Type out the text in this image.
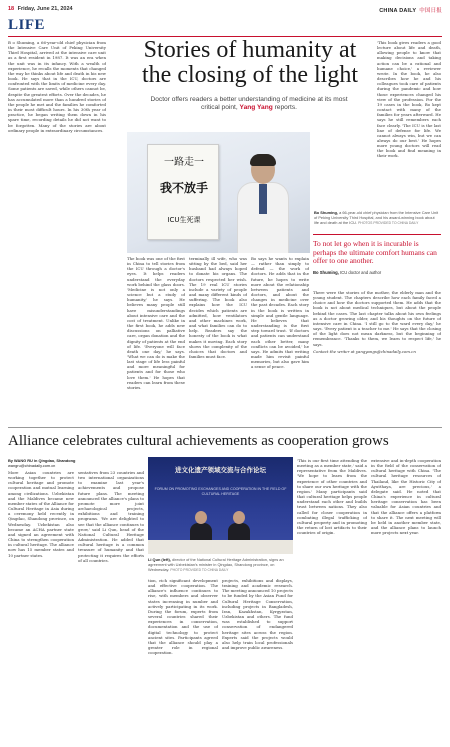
18 Friday, June 21, 2024	CHINA DAILY 中国日报
LIFE

B o Shuming, a 66-year-old chief physician from the Intensive Care Unit of Peking University Third Hospital, arrived at the intensive care unit as a first resident in 1987. It was an era when the unit was in its infancy. With a wealth of experience, he recalls the moments that changed the way he thinks about life and death in his new book. He says that in the ICU, doctors are confronted with the limits of medicine every day. Some patients are saved, while others cannot be, despite the greatest efforts. Over the decades, he has accumulated more than a hundred stories of the people he met and the families he comforted in their most difficult hours. In his 30th year of practice, he began writing them down in his spare time, recording details he did not want to be forgotten. Many of the stories are about ordinary people in extraordinary circumstances.

Stories of humanity at the closing of the light
Doctor offers readers a better understanding of medicine at its most critical point, Yang Yang reports.
一路走一
我不放手
ICU生死课

The book was one of the first in China to tell stories from the ICU through a doctor's eyes. It helps readers understand the everyday work behind the glass doors. 'Medicine is not only a science but a study of humanity,' he says. He believes many people still have misunderstandings about intensive care and the cost of treatment. Unlike in the first book, he adds new discussions on palliative care, organ donation and the dignity of patients at the end of life. 'Everyone will face death one day,' he says. 'What we can do is make the last stage of life less painful and more meaningful for patients and for those who love them.' He hopes that readers can learn from these stories.

terminally ill wife, who was sitting by the bed, said her husband had always hoped to donate his organs. The doctors respected her wish. The 19 real ICU stories include a variety of people and many different kinds of suffering. The book also explains how the ICU decides which patients are admitted, how ventilators and other machines work, and what families can do to help. Readers say the honesty of the book is what makes it moving. Each story shows the complexity of the choices that doctors and families must face.

Bo says he wants to explain — rather than simply to defend — the work of doctors. He adds that in the future, he hopes to write more about the relationship between patients and doctors, and about the changes in medicine over the past decades. Each story in the book is written in simple and gentle language. He believes that understanding is the first step toward trust. 'If doctors and patients can understand each other better, many conflicts can be avoided,' he says. He admits that writing made him revisit painful memories, but also gave him a sense of peace.

'This book gives readers a good lecture about life and death, allowing people to know that making decisions and taking action can be a rational and humane choice,' a reviewer wrote. In the book, he also describes how he and his colleagues took care of patients during the pandemic and how those experiences changed his view of the profession. For the 19 cases in the book, Bo kept contact with many of the families for years afterward. He says he still remembers each face clearly. 'The ICU is the last line of defense for life. We cannot always win, but we can always do our best.' He hopes more young doctors will read the book and find meaning in their work.

Bo Shuming, a 66-year-old chief physician from the Intensive Care Unit of Peking University Third Hospital, and his award-winning book about life and death at the ICU. PHOTOS PROVIDED TO CHINA DAILY
To not let go when it is incurable is perhaps the ultimate comfort humans can offer to one another.
Bo Shuming, ICU doctor and author

There were the stories of the mother, the elderly man and the young student. The chapters describe how each family faced a choice and how the doctors supported them. He adds that the book is not about medical techniques, but about the people behind the cases. The last chapter talks about his own feelings as a doctor growing older, and his thoughts on the future of intensive care in China. 'I still go to the ward every day,' he says. 'Every patient is a teacher to me.' He says that the closing of the light does not mean darkness, but the beginning of remembrance. 'Thanks to them, we learn to respect life,' he says.

Contact the writer at yangyangs@chinadaily.com.cn

Alliance celebrates cultural achievements as cooperation grows
By WANG RU in Qingdao, Shandong
wangru@chinadaily.com.cn

More Asian countries are working together to protect cultural heritage and promote cooperation and mutual learning among civilizations. Uzbekistan and the Maldives became new member states of the Alliance for Cultural Heritage in Asia during a ceremony held recently in Qingdao, Shandong province, on Wednesday. Uzbekistan also became an ACHA partner state and signed an agreement with China to strengthen cooperation in cultural heritage. The alliance now has 15 member states and 10 partner states.

sentatives from 23 countries and two international organizations to examine last year's achievements and propose future plans. The meeting announced the alliance's plans to promote more joint archaeological projects, exhibitions and training programs. 'We are delighted to see that the alliance continues to grow,' said Li Qun, head of the National Cultural Heritage Administration. He added that cultural heritage is a common treasure of humanity and that protecting it requires the efforts of all countries.

进文化遗产领域交流与合作论坛
FORUM ON PROMOTING EXCHANGES AND COOPERATION IN THE FIELD OF CULTURAL HERITAGE
Li Qun (left), director of the National Cultural Heritage Administration, signs an agreement with Uzbekistan's minister in Qingdao, Shandong province, on Wednesday. PHOTO PROVIDED TO CHINA DAILY

tion, rich significant development and effective cooperation. The alliance's influence continues to rise, with members and observer states increasing in number and actively participating in its work. During the forum, experts from several countries shared their experiences in conservation, documentation and the use of digital technology to protect ancient sites. Participants agreed that the alliance should play a greater role in regional cooperation.

projects, exhibitions and displays, training and academic research. The meeting announced 10 projects to be funded by the Asian Fund for Cultural Heritage Conservation, including projects in Bangladesh, Iran, Kazakhstan, Kyrgyzstan, Uzbekistan and others. The fund was established to support conservation of endangered heritage sites across the region. Experts said the projects would also help train local professionals and improve public awareness.

'This is our first time attending the meeting as a member state,' said a representative from the Maldives. 'We hope to learn from the experience of other countries and to share our own heritage with the region.' Many participants said that cultural heritage helps people understand each other and builds trust between nations. They also called for closer cooperation in combating illegal trafficking of cultural property and in promoting the return of lost artifacts to their countries of origin.

extensive and in-depth cooperation in the field of the conservation of cultural heritage with China. 'The cultural heritage resources of Thailand, like the Historic City of Ayutthaya, are precious,' a delegate said. He noted that China's experience in cultural heritage conservation has been valuable for Asian countries and that the alliance offers a platform to share it. The next meeting will be held in another member state, and the alliance plans to launch more projects next year.
